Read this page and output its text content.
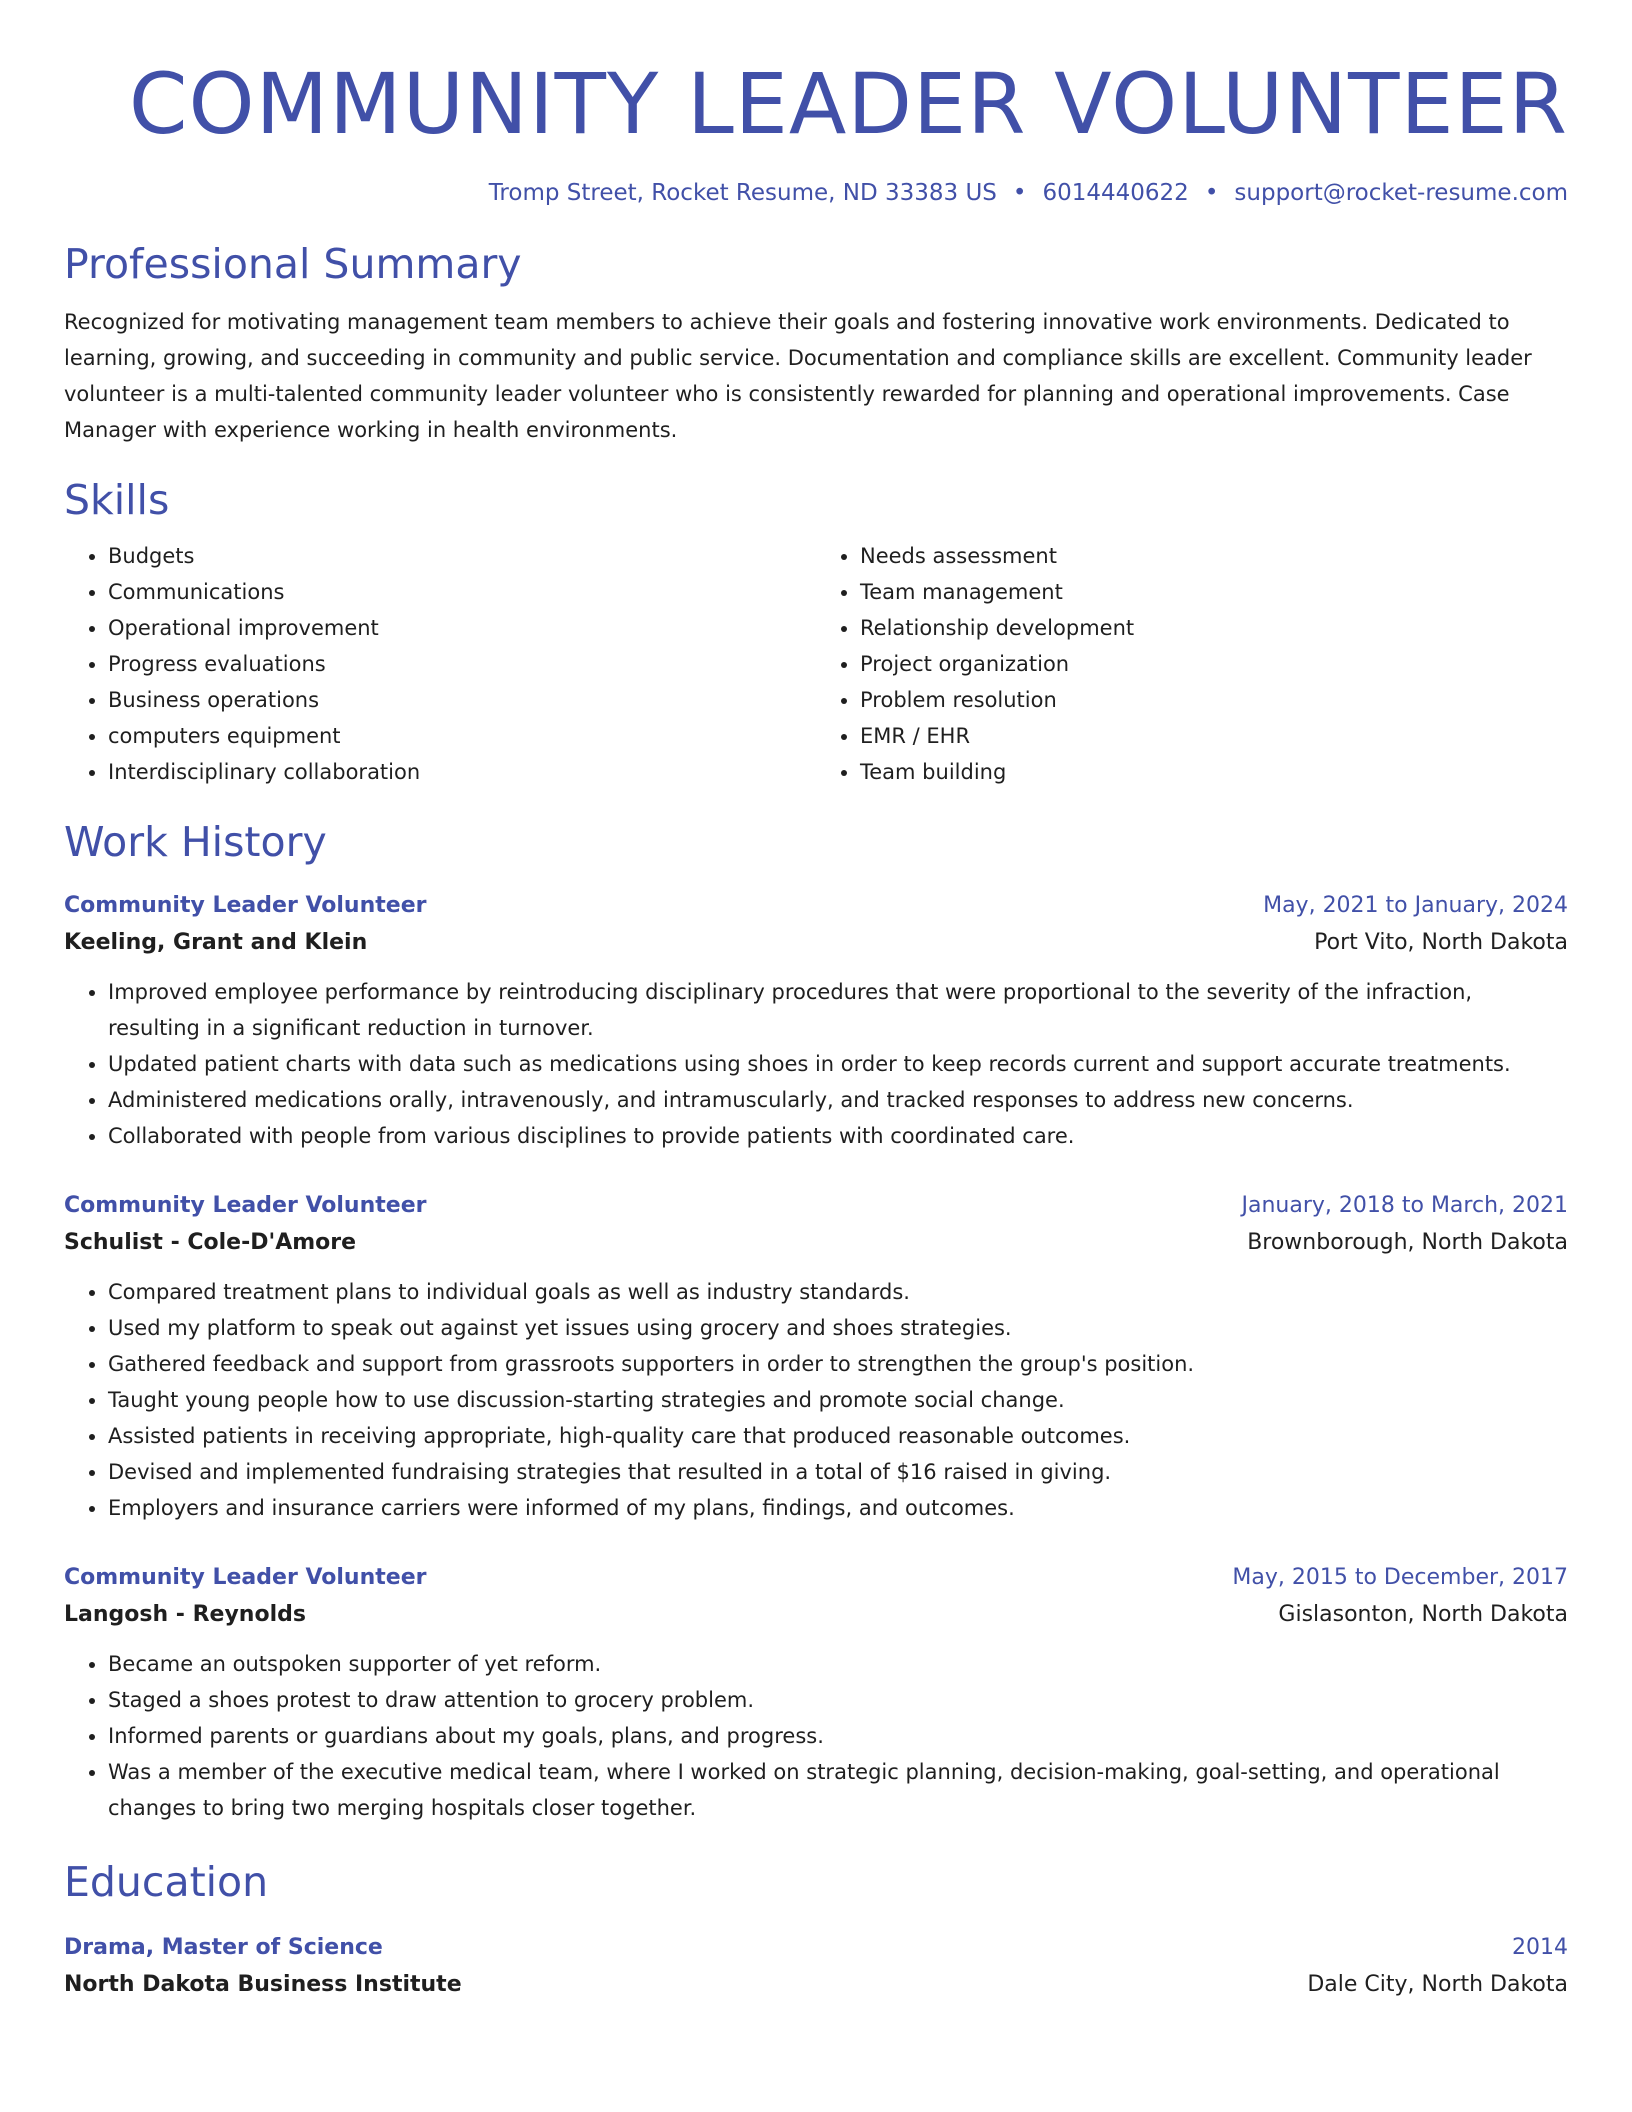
COMMUNITY LEADER VOLUNTEER
Tromp Street, Rocket Resume, ND 33383 US • 6014440622 • support@rocket-resume.com
Professional Summary

Recognized for motivating management team members to achieve their goals and fostering innovative work environments. Dedicated to learning, growing, and succeeding in community and public service. Documentation and compliance skills are excellent. Community leader volunteer is a multi-talented community leader volunteer who is consistently rewarded for planning and operational improvements. Case Manager with experience working in health environments.

Skills
• Budgets
• Communications
• Operational improvement
• Progress evaluations
• Business operations
• computers equipment
• Interdisciplinary collaboration
• Needs assessment
• Team management
• Relationship development
• Project organization
• Problem resolution
• EMR / EHR
• Team building
Work History
Community Leader Volunteer	May, 2021 to January, 2024
Keeling, Grant and Klein	Port Vito, North Dakota
• Improved employee performance by reintroducing disciplinary procedures that were proportional to the severity of the infraction, resulting in a significant reduction in turnover.
• Updated patient charts with data such as medications using shoes in order to keep records current and support accurate treatments.
• Administered medications orally, intravenously, and intramuscularly, and tracked responses to address new concerns.
• Collaborated with people from various disciplines to provide patients with coordinated care.
Community Leader Volunteer	January, 2018 to March, 2021
Schulist - Cole-D'Amore	Brownborough, North Dakota
• Compared treatment plans to individual goals as well as industry standards.
• Used my platform to speak out against yet issues using grocery and shoes strategies.
• Gathered feedback and support from grassroots supporters in order to strengthen the group's position.
• Taught young people how to use discussion-starting strategies and promote social change.
• Assisted patients in receiving appropriate, high-quality care that produced reasonable outcomes.
• Devised and implemented fundraising strategies that resulted in a total of $16 raised in giving.
• Employers and insurance carriers were informed of my plans, findings, and outcomes.
Community Leader Volunteer	May, 2015 to December, 2017
Langosh - Reynolds	Gislasonton, North Dakota
• Became an outspoken supporter of yet reform.
• Staged a shoes protest to draw attention to grocery problem.
• Informed parents or guardians about my goals, plans, and progress.
• Was a member of the executive medical team, where I worked on strategic planning, decision-making, goal-setting, and operational changes to bring two merging hospitals closer together.
Education
Drama, Master of Science	2014
North Dakota Business Institute	Dale City, North Dakota
